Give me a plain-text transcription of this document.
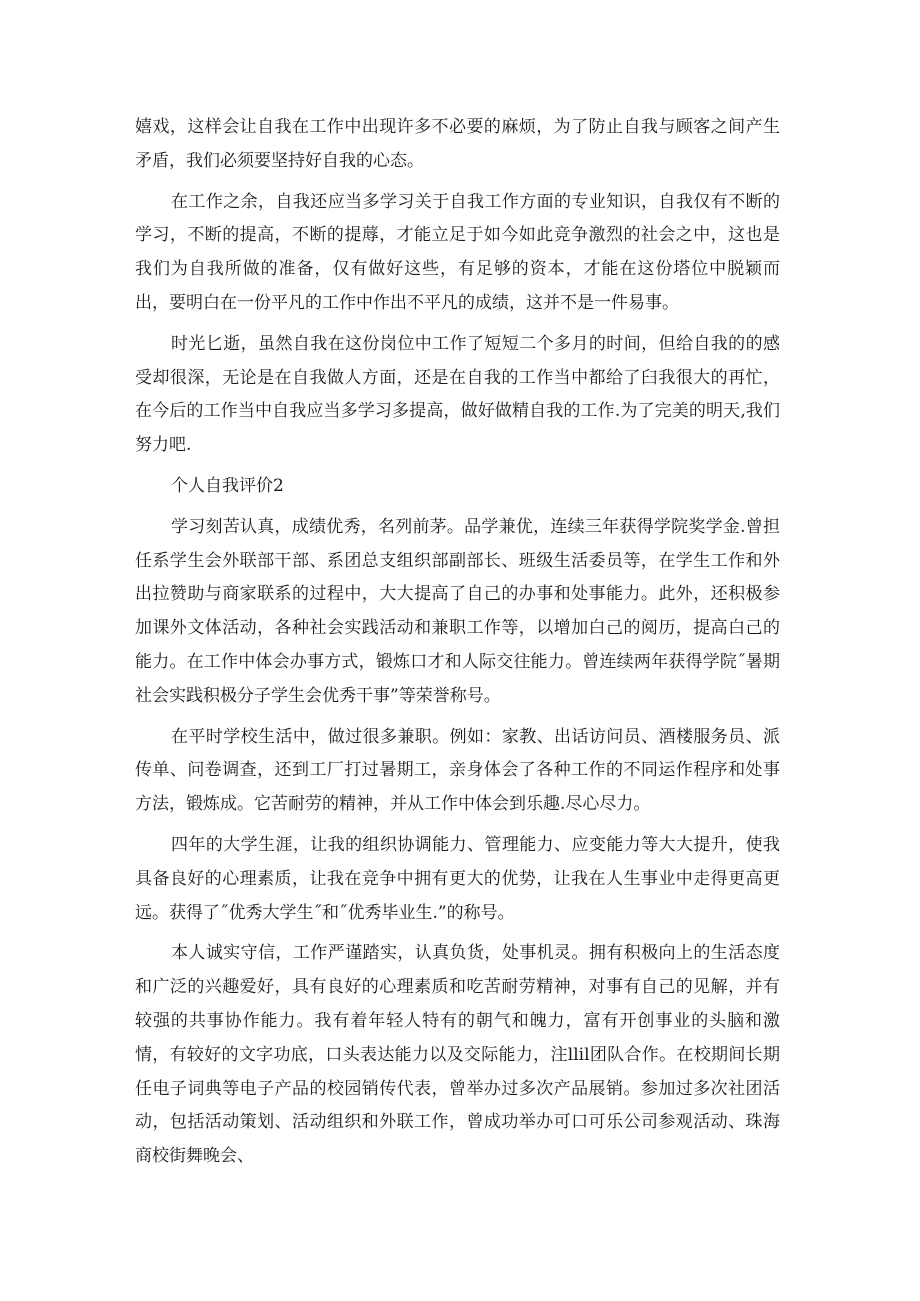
嬉戏，这样会让自我在工作中出现许多不必要的麻烦，为了防止自我与顾客之间产生矛盾，我们必须要坚持好自我的心态。

在工作之余，自我还应当多学习关于自我工作方面的专业知识，自我仅有不断的学习，不断的提高，不断的提蓐，才能立足于如今如此竞争激烈的社会之中，这也是我们为自我所做的准备，仅有做好这些，有足够的资本，才能在这份塔位中脱颖而出，要明白在一份平凡的工作中作出不平凡的成绩，这并不是一件易事。

时光匕逝，虽然自我在这份岗位中工作了短短二个多月的时间，但给自我的的感受却很深，无论是在自我做人方面，还是在自我的工作当中都给了臼我很大的再忙，在今后的工作当中自我应当多学习多提高，做好做精自我的工作.为了完美的明天,我们努力吧.

个人自我评价2

学习刻苦认真，成绩优秀，名列前茅。品学兼优，连续三年获得学院奖学金.曾担任系学生会外联部干部、系团总支组织部副部长、班级生活委员等，在学生工作和外出拉赞助与商家联系的过程中，大大提高了自己的办事和处事能力。此外，还积极参加课外文体活动，各种社会实践活动和兼职工作等，以增加白己的阅历，提高白己的能力。在工作中体会办事方式，锻炼口才和人际交往能力。曾连续两年获得学院˝暑期社会实践积极分子学生会优秀干事”等荣誉称号。

在平时学校生活中，做过很多兼职。例如：家教、出话访问员、酒楼服务员、派传单、问卷调查，还到工厂打过暑期工，亲身体会了各种工作的不同运作程序和处事方法，锻炼成。它苦耐劳的精神，并从工作中体会到乐趣.尽心尽力。

四年的大学生涯，让我的组织协调能力、管理能力、应变能力等大大提升，使我具备良好的心理素质，让我在竞争中拥有更大的优势，让我在人生事业中走得更高更远。获得了˝优秀大学生˝和˝优秀毕业生.”的称号。

本人诚实守信，工作严谨踏实，认真负货，处事机灵。拥有积极向上的生活态度和广泛的兴趣爱好，具有良好的心理素质和吃苦耐劳精神，对事有自己的见解，并有较强的共事协作能力。我有着年轻人特有的朝气和魄力，富有开创事业的头脑和激情，有较好的文字功底，口头表达能力以及交际能力，注llil团队合作。在校期间长期任电子词典等电子产品的校园销传代表，曾举办过多次产品展销。参加过多次社团活动，包括活动策划、活动组织和外联工作，曾成功举办可口可乐公司参观活动、珠海商校街舞晚会、
